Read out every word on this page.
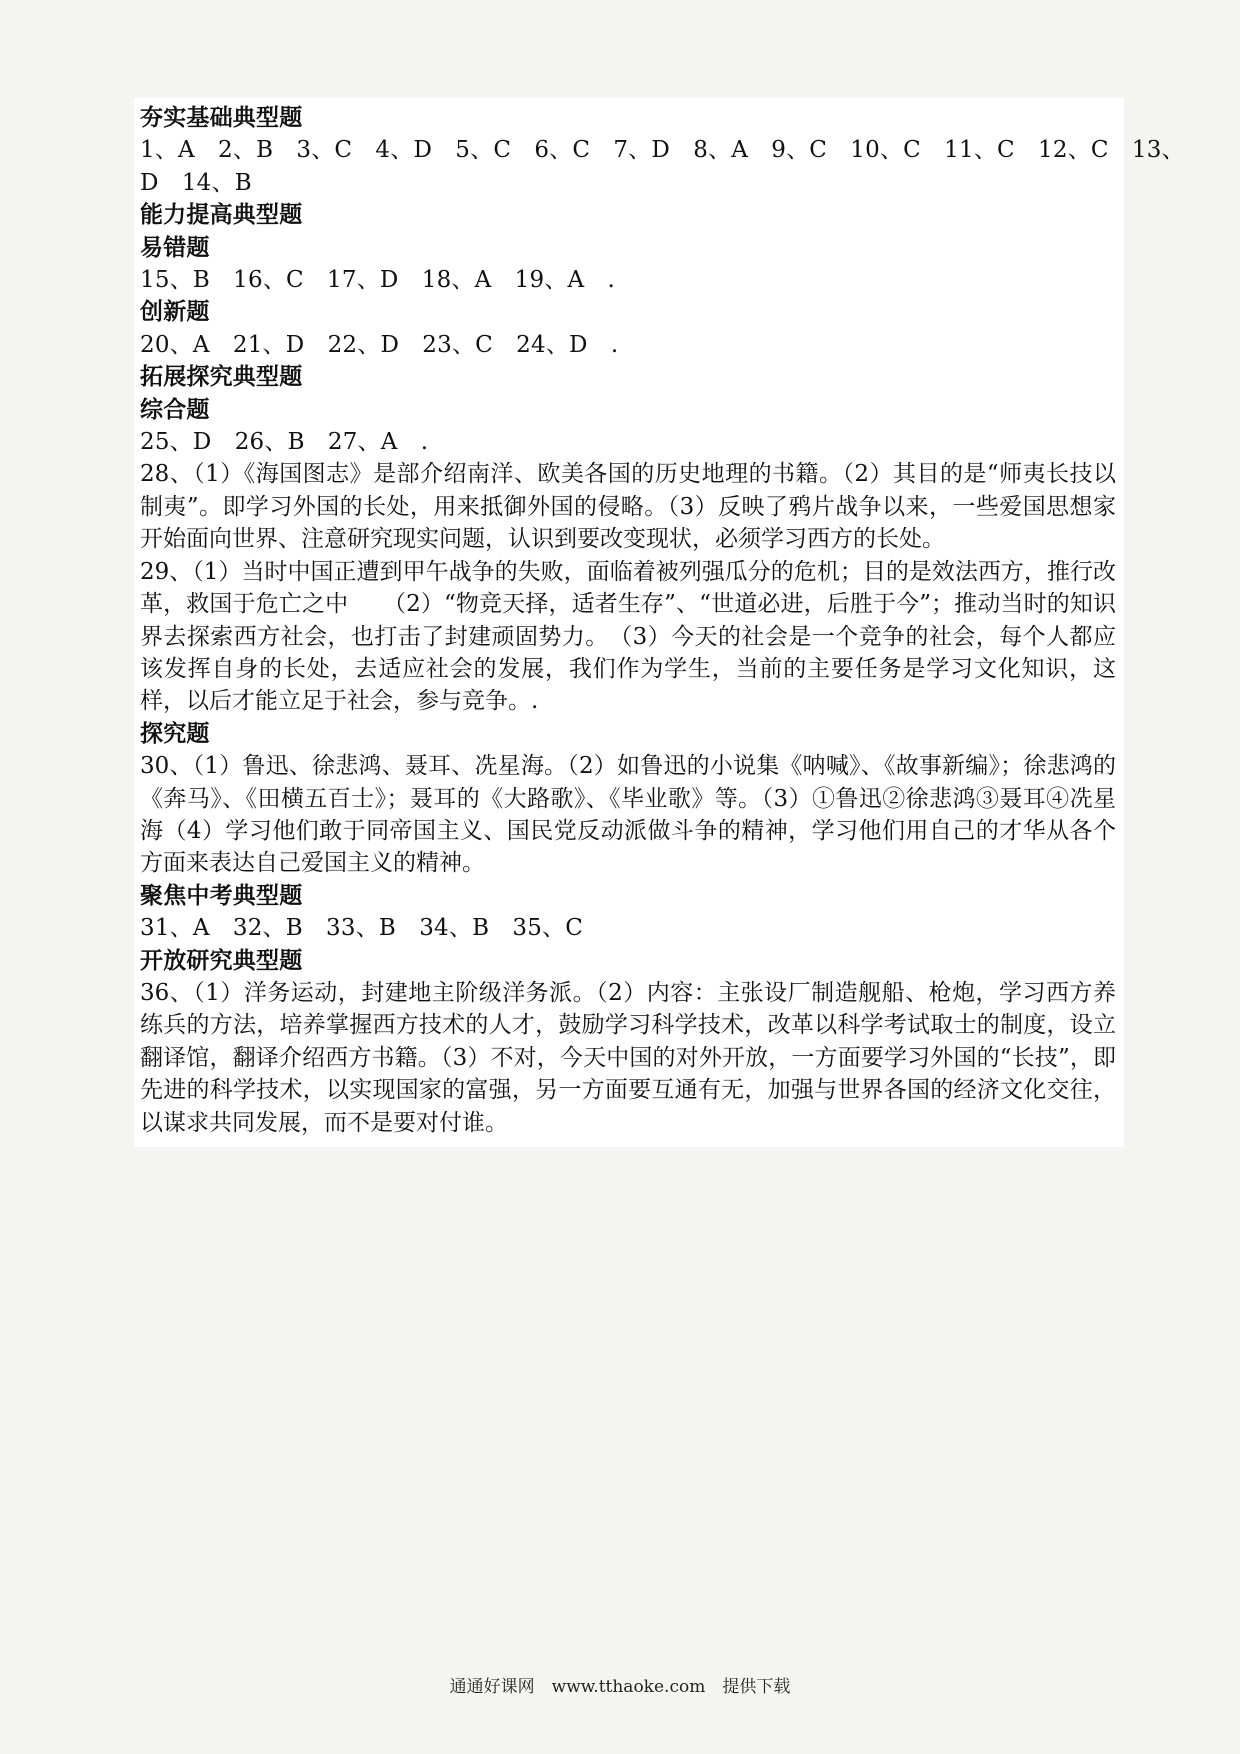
夯实基础典型题
1、A　2、B　3、C　4、D　5、C　6、C　7、D　8、A　9、C　10、C　11、C　12、C　13、
D　14、B
能力提高典型题
易错题
15、B　16、C　17、D　18、A　19、A　.
创新题
20、A　21、D　22、D　23、C　24、D　.
拓展探究典型题
综合题
25、D　26、B　27、A　.
28、（1）《海国图志》是部介绍南洋、欧美各国的历史地理的书籍。（2）其目的是“师夷长技以制夷”。即学习外国的长处，用来抵御外国的侵略。（3）反映了鸦片战争以来，一些爱国思想家开始面向世界、注意研究现实问题，认识到要改变现状，必须学习西方的长处。
29、（1）当时中国正遭到甲午战争的失败，面临着被列强瓜分的危机；目的是效法西方，推行改革，救国于危亡之中　　（2）“物竞天择，适者生存”、“世道必进，后胜于今”；推动当时的知识 界去探索西方社会，也打击了封建顽固势力。　（3）今天的社会是一个竞争的社会，每个人都应该发挥自身的长处，去适应社会的发展，我们作为学生，当前的主要任务是学习文化知识，这样，以后才能立足于社会，参与竞争。.
探究题
30、（1）鲁迅、徐悲鸿、聂耳、冼星海。（2）如鲁迅的小说集《呐喊》、《故事新编》；徐悲鸿的《奔马》、《田横五百士》；聂耳的《大路歌》、《毕业歌》等。（3）①鲁迅②徐悲鸿③聂耳④冼星海（4）学习他们敢于同帝国主义、国民党反动派做斗争的精神，学习他们用自己的才华从各个方面来表达自己爱国主义的精神。
聚焦中考典型题
31、A　32、B　33、B　34、B　35、C
开放研究典型题
36、（1）洋务运动，封建地主阶级洋务派。（2）内容：主张设厂制造舰船、枪炮，学习西方养练兵的方法，培养掌握西方技术的人才，鼓励学习科学技术，改革以科学考试取士的制度，设立翻译馆，翻译介绍西方书籍。（3）不对，今天中国的对外开放，一方面要学习外国的“长技”，即先进的科学技术，以实现国家的富强，另一方面要互通有无，加强与世界各国的经济文化交往，以谋求共同发展，而不是要对付谁。
通通好课网　www.tthaoke.com　提供下载
